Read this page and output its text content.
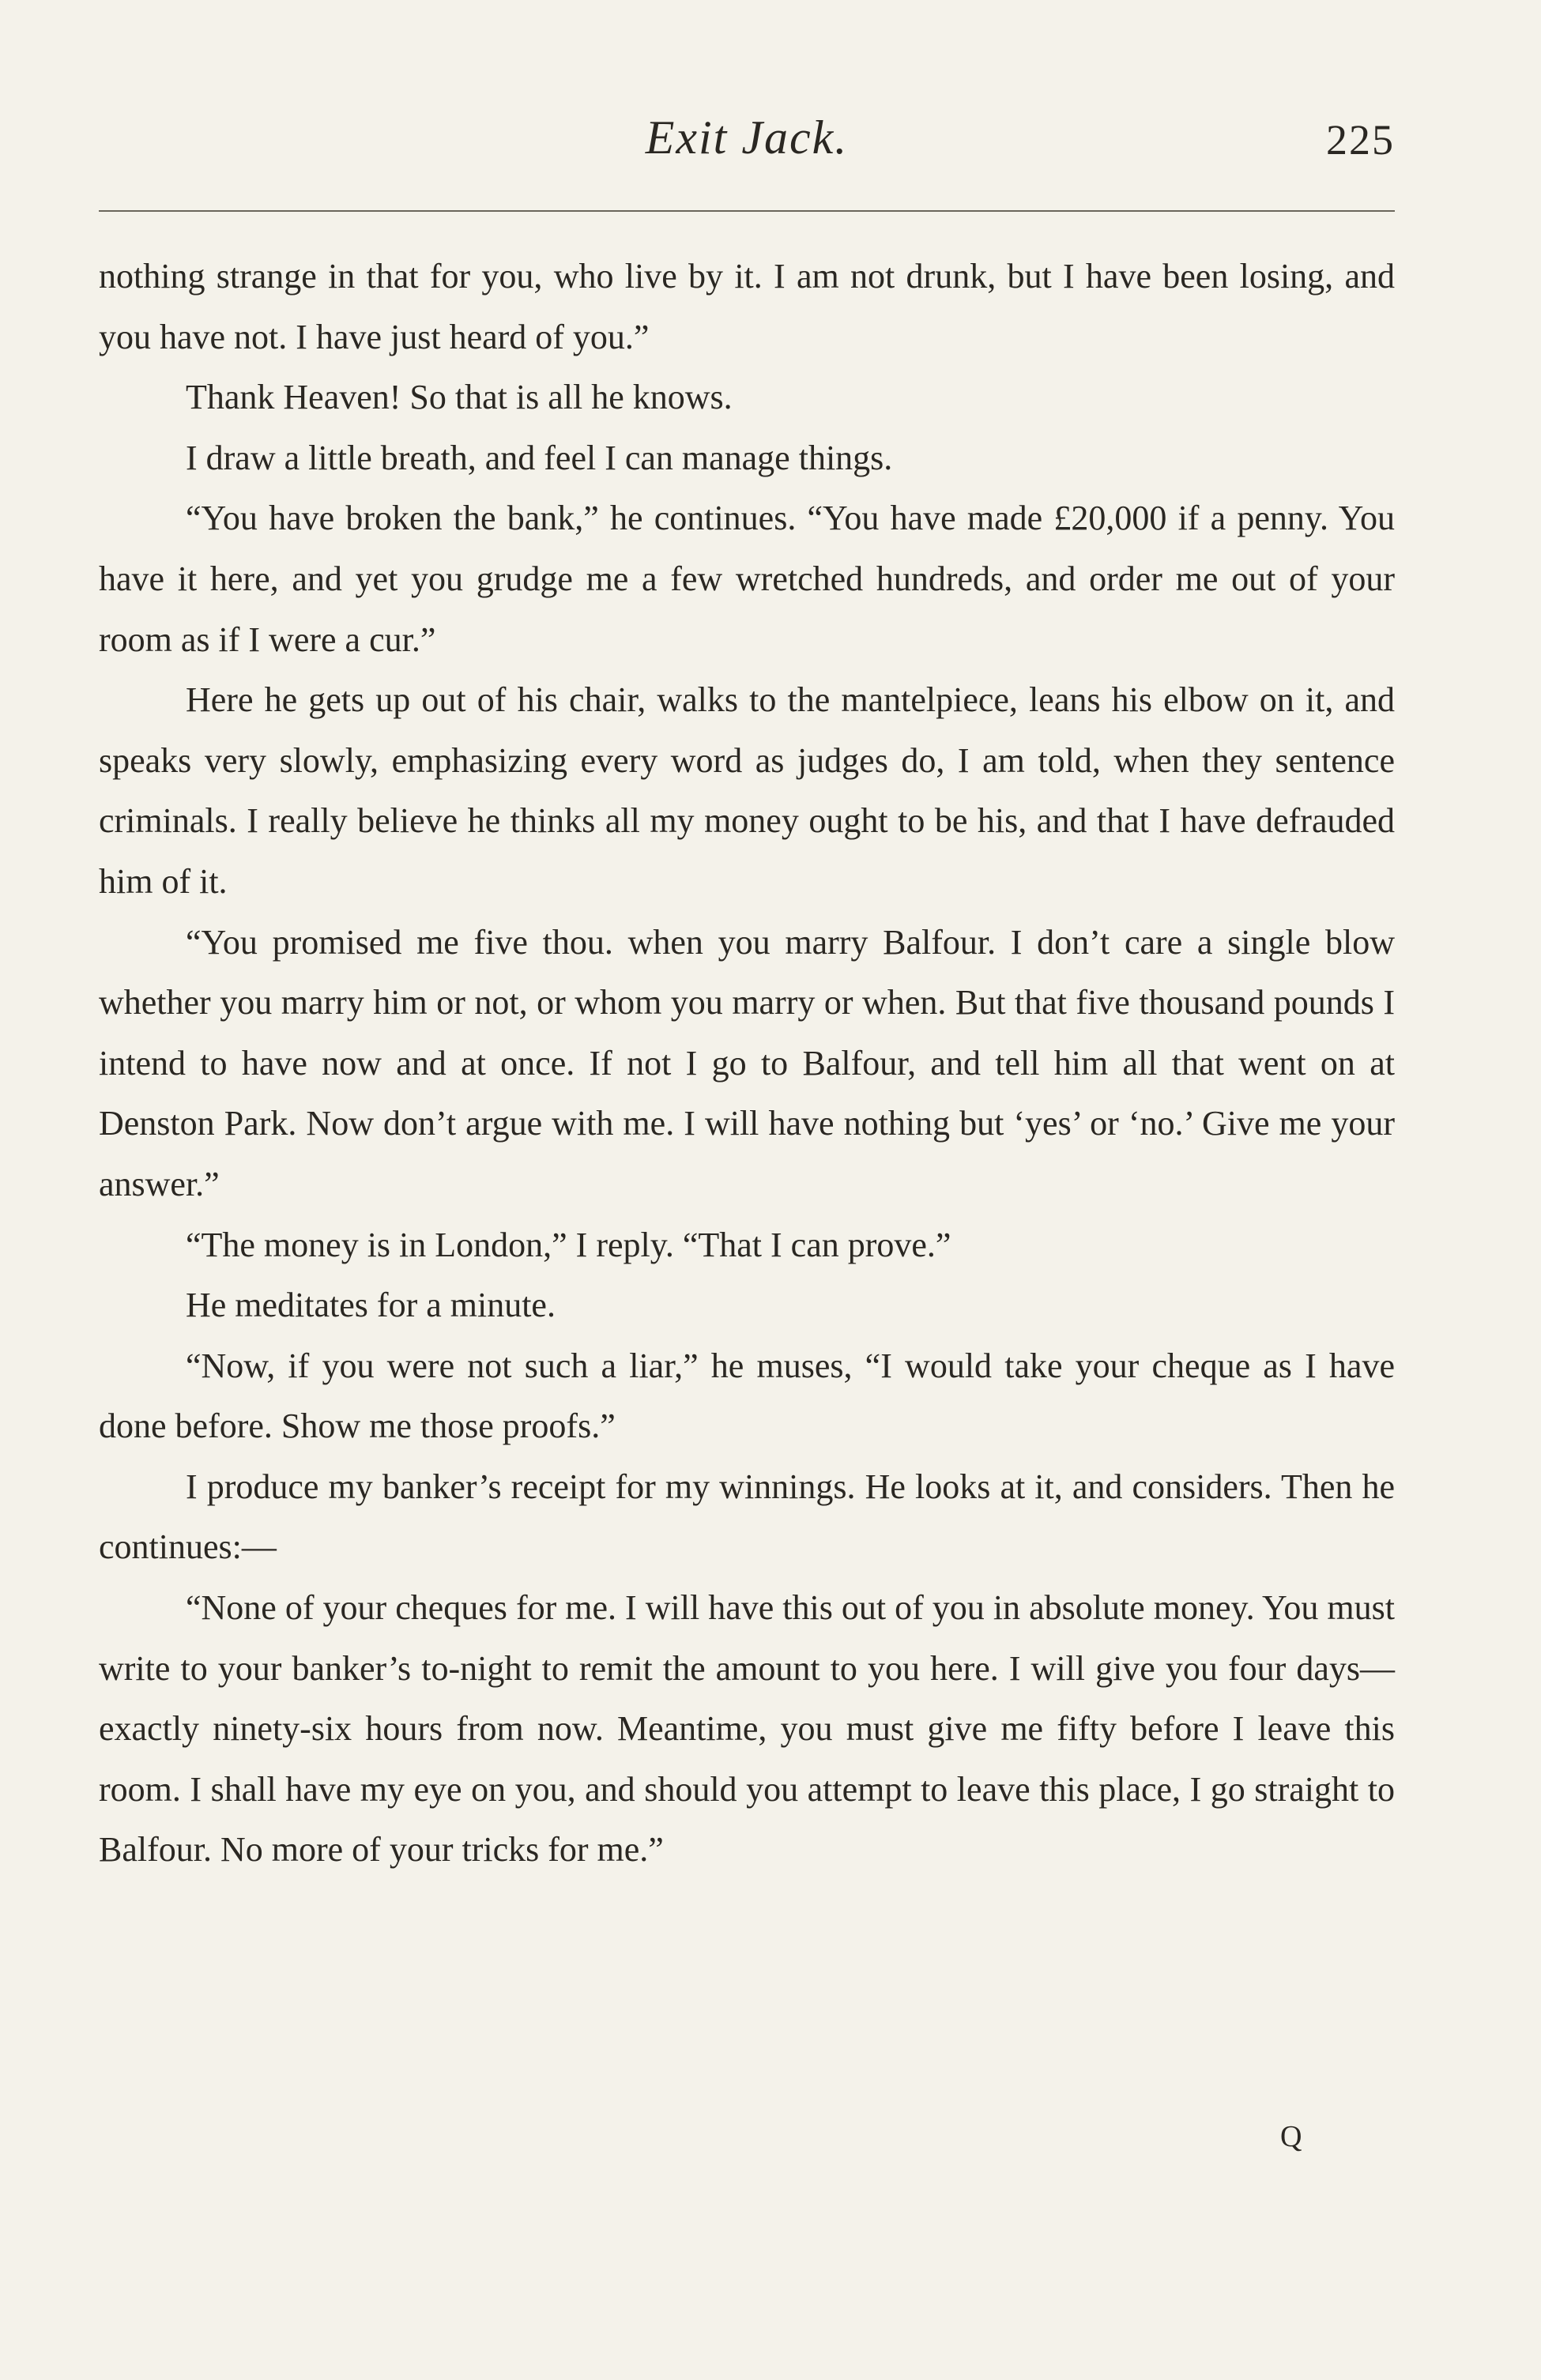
Exit Jack.	225

nothing strange in that for you, who live by it. I am not drunk, but I have been losing, and you have not. I have just heard of you.”

Thank Heaven! So that is all he knows.

I draw a little breath, and feel I can manage things.

“You have broken the bank,” he continues. “You have made £20,000 if a penny. You have it here, and yet you grudge me a few wretched hundreds, and order me out of your room as if I were a cur.”

Here he gets up out of his chair, walks to the mantelpiece, leans his elbow on it, and speaks very slowly, emphasizing every word as judges do, I am told, when they sentence criminals. I really believe he thinks all my money ought to be his, and that I have defrauded him of it.

“You promised me five thou. when you marry Balfour. I don’t care a single blow whether you marry him or not, or whom you marry or when. But that five thousand pounds I intend to have now and at once. If not I go to Balfour, and tell him all that went on at Denston Park. Now don’t argue with me. I will have nothing but ‘yes’ or ‘no.’ Give me your answer.”

“The money is in London,” I reply. “That I can prove.”

He meditates for a minute.

“Now, if you were not such a liar,” he muses, “I would take your cheque as I have done before. Show me those proofs.”

I produce my banker’s receipt for my winnings. He looks at it, and considers. Then he continues:—

“None of your cheques for me. I will have this out of you in absolute money. You must write to your banker’s to-night to remit the amount to you here. I will give you four days—exactly ninety-six hours from now. Meantime, you must give me fifty before I leave this room. I shall have my eye on you, and should you attempt to leave this place, I go straight to Balfour. No more of your tricks for me.”

Q
